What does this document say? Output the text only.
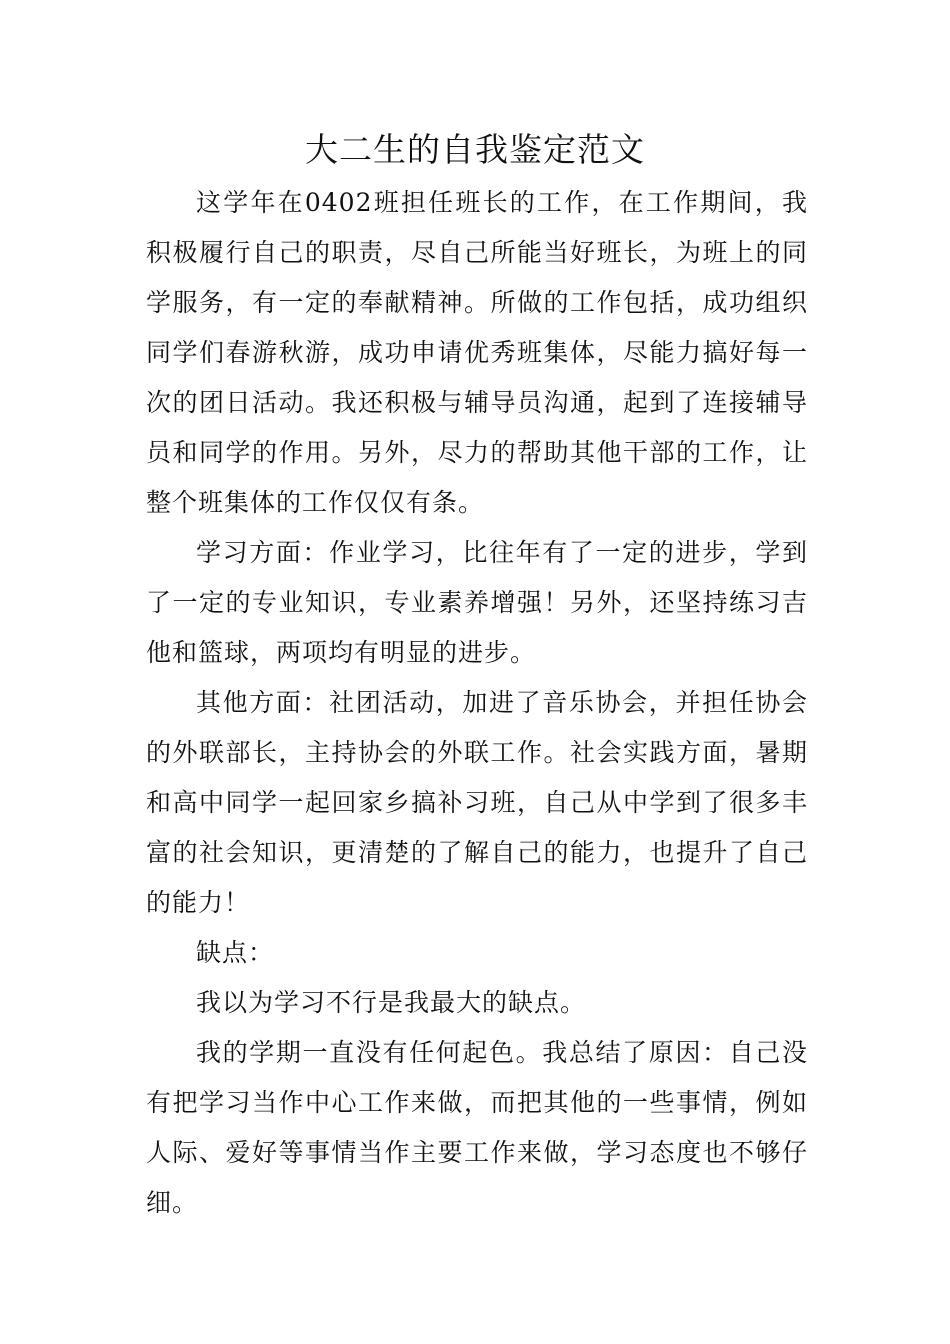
大二生的自我鉴定范文

这学年在0402班担任班长的工作，在工作期间，我积极履行自己的职责，尽自己所能当好班长，为班上的同学服务，有一定的奉献精神。所做的工作包括，成功组织同学们春游秋游，成功申请优秀班集体，尽能力搞好每一次的团日活动。我还积极与辅导员沟通，起到了连接辅导员和同学的作用。另外，尽力的帮助其他干部的工作，让整个班集体的工作仅仅有条。

学习方面：作业学习，比往年有了一定的进步，学到了一定的专业知识，专业素养增强！另外，还坚持练习吉他和篮球，两项均有明显的进步。

其他方面：社团活动，加进了音乐协会，并担任协会的外联部长，主持协会的外联工作。社会实践方面，暑期和高中同学一起回家乡搞补习班，自己从中学到了很多丰富的社会知识，更清楚的了解自己的能力，也提升了自己的能力！

缺点：

我以为学习不行是我最大的缺点。

我的学期一直没有任何起色。我总结了原因：自己没有把学习当作中心工作来做，而把其他的一些事情，例如人际、爱好等事情当作主要工作来做，学习态度也不够仔细。
